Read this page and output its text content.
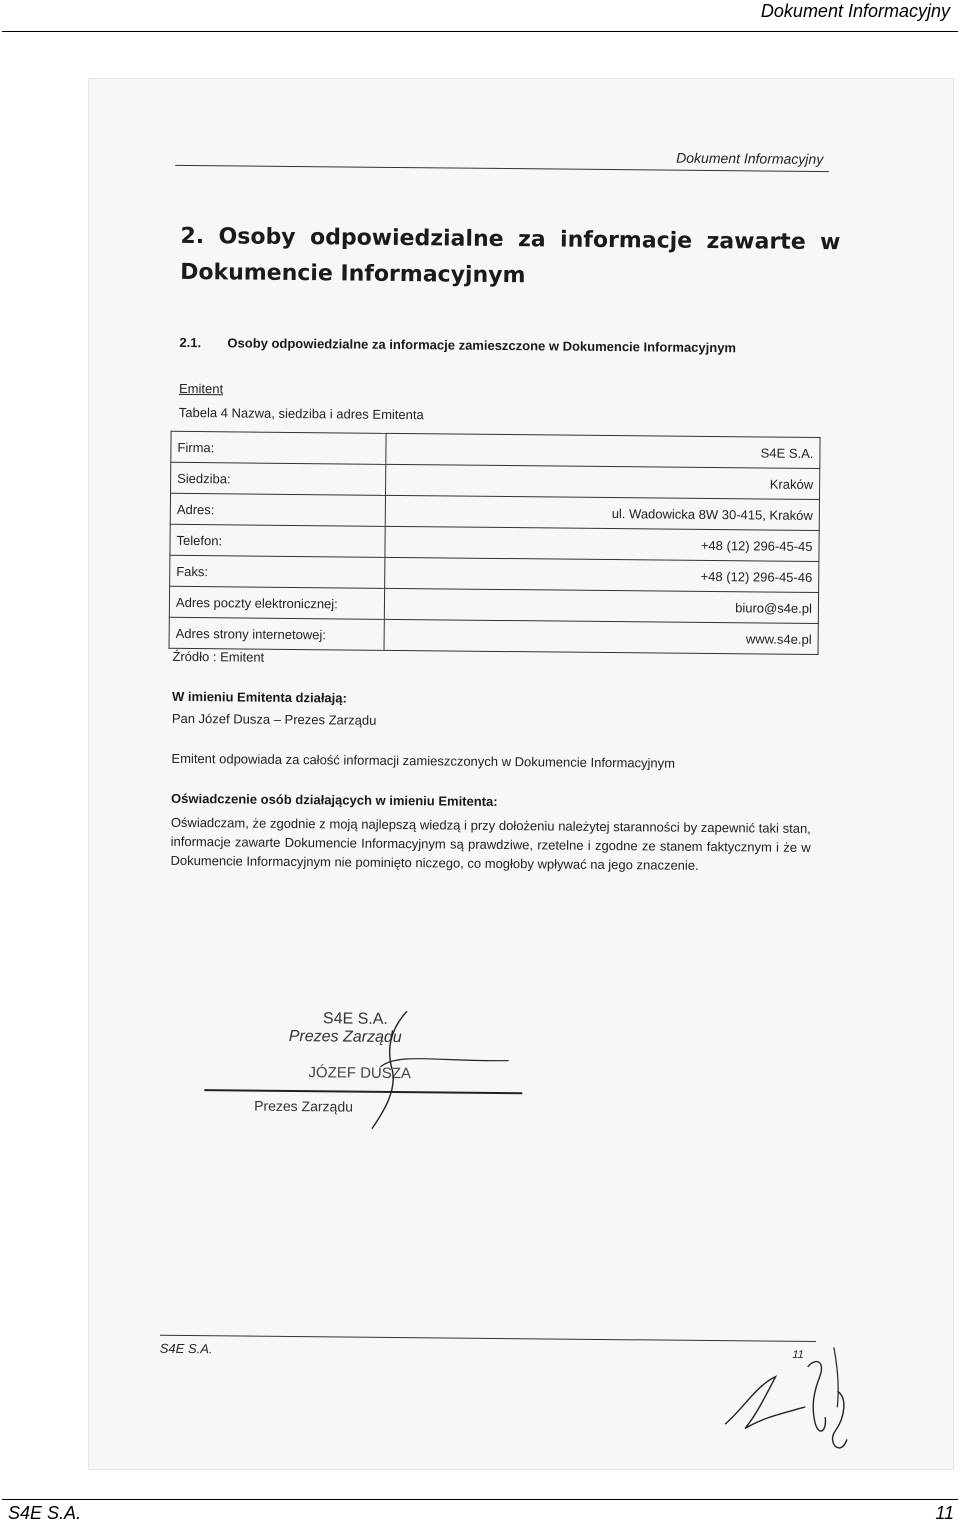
Dokument Informacyjny
Dokument Informacyjny
2. Osoby odpowiedzialne za informacje zawarte w
Dokumencie Informacyjnym
2.1. Osoby odpowiedzialne za informacje zamieszczone w Dokumencie Informacyjnym
Emitent
Tabela 4 Nazwa, siedziba i adres Emitenta
Firma:	S4E S.A.
Siedziba:	Kraków
Adres:	ul. Wadowicka 8W 30-415, Kraków
Telefon:	+48 (12) 296-45-45
Faks:	+48 (12) 296-45-46
Adres poczty elektronicznej:	biuro@s4e.pl
Adres strony internetowej:	www.s4e.pl
Źródło : Emitent
W imieniu Emitenta działają:
Pan Józef Dusza – Prezes Zarządu
Emitent odpowiada za całość informacji zamieszczonych w Dokumencie Informacyjnym
Oświadczenie osób działających w imieniu Emitenta:
Oświadczam, że zgodnie z moją najlepszą wiedzą i przy dołożeniu należytej staranności by zapewnić taki stan, informacje zawarte Dokumencie Informacyjnym są prawdziwe, rzetelne i zgodne ze stanem faktycznym i że w Dokumencie Informacyjnym nie pominięto niczego, co mogłoby wpływać na jego znaczenie.
S4E S.A.
Prezes Zarządu
JÓZEF DUSZA
Prezes Zarządu
S4E S.A.	11
S4E S.A.	11
